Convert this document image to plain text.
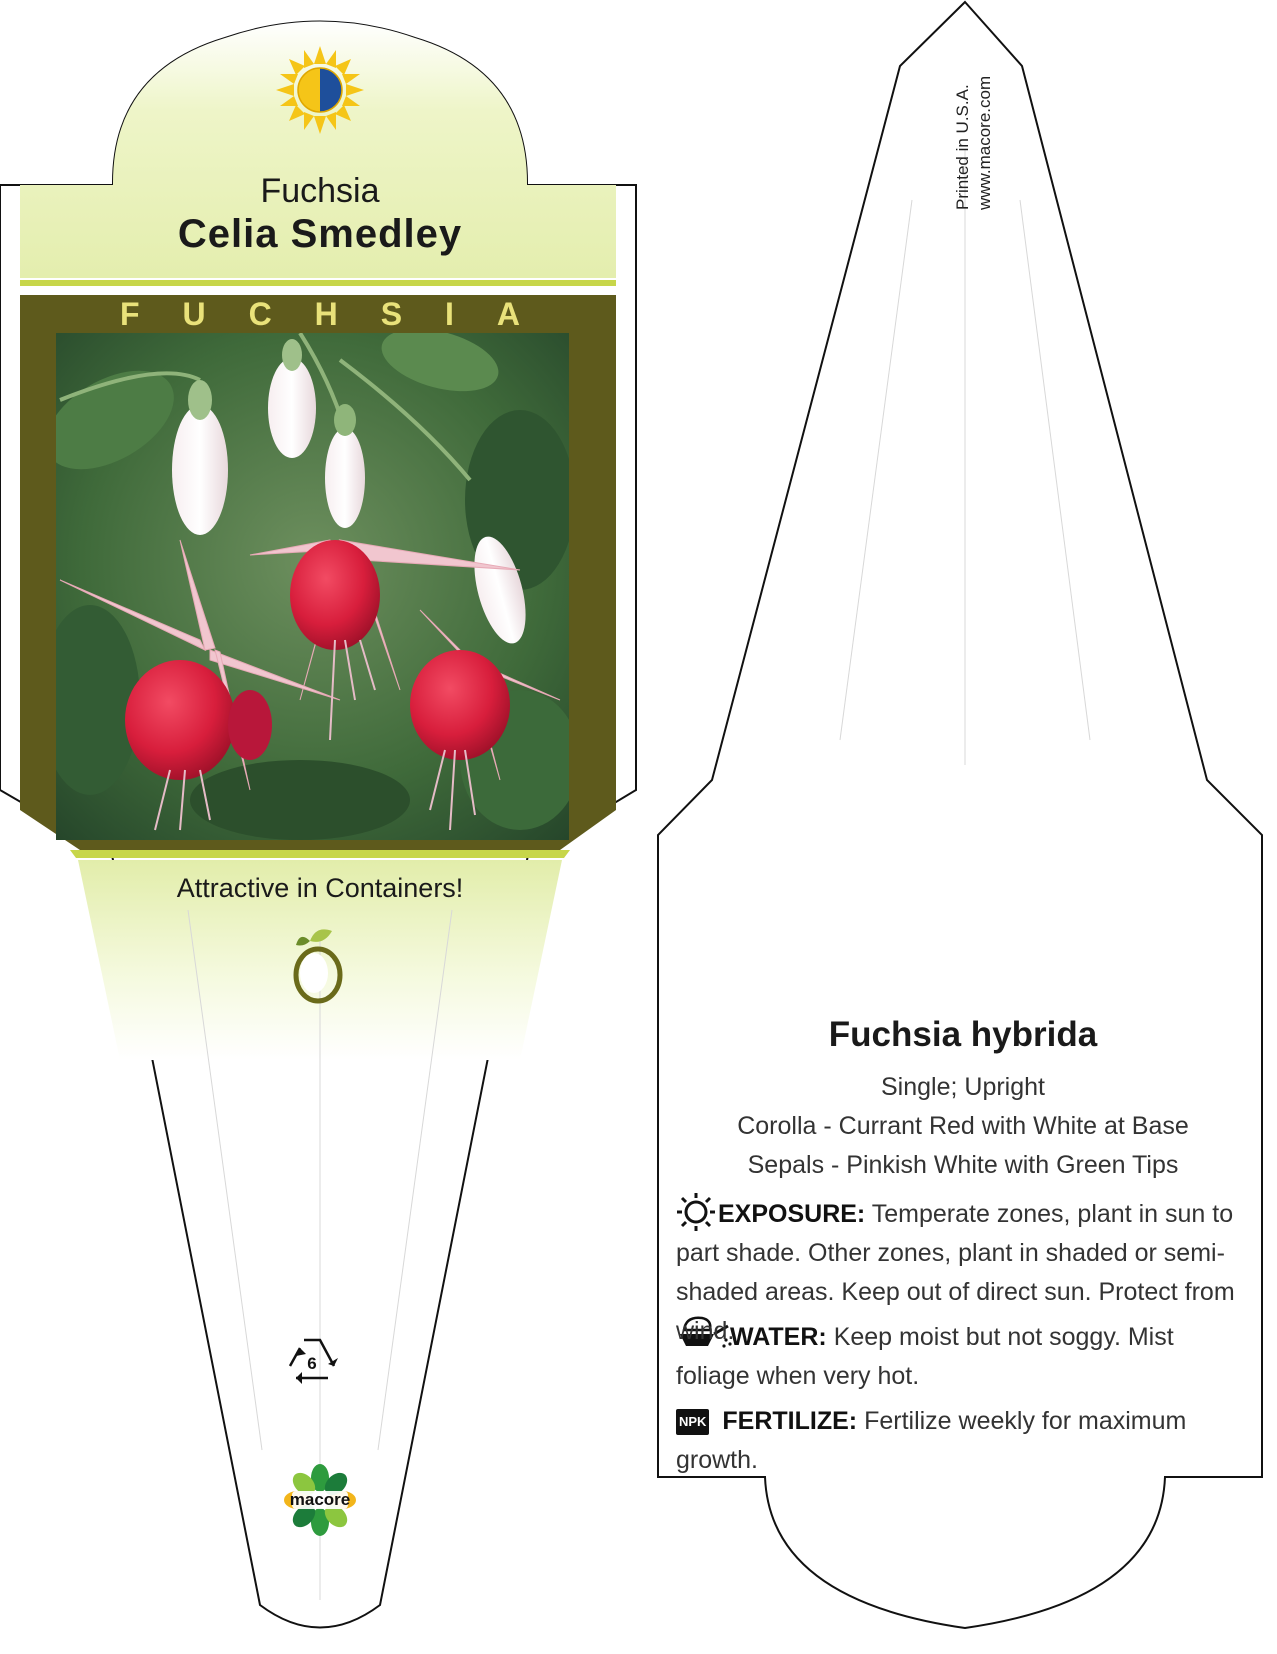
Fuchsia
Celia Smedley
F U C H S I A
Attractive in Containers!
6
macore
Printed in U.S.A. www.macore.com
Fuchsia hybrida
Single; Upright
Corolla - Currant Red with White at Base
Sepals - Pinkish White with Green Tips
EXPOSURE: Temperate zones, plant in sun to part shade. Other zones, plant in shaded or semi-shaded areas. Keep out of direct sun. Protect from wind.
WATER: Keep moist but not soggy. Mist foliage when very hot.
NPK FERTILIZE: Fertilize weekly for maximum growth.
